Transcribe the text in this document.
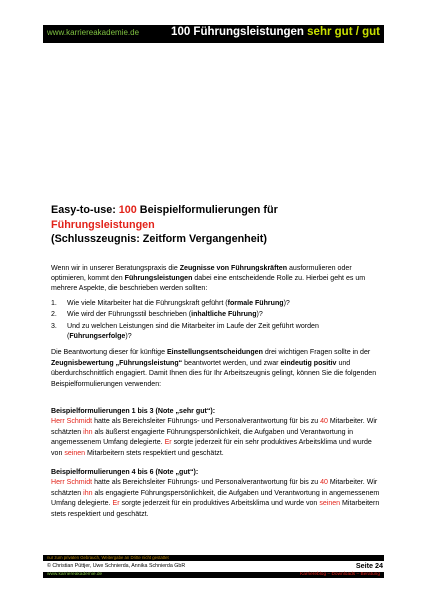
www.karriereakademie.de	100 Führungsleistungen sehr gut / gut

Easy-to-use: 100 Beispielformulierungen für Führungsleistungen
(Schlusszeugnis: Zeitform Vergangenheit)

Wenn wir in unserer Beratungspraxis die Zeugnisse von Führungskräften ausformulieren oder optimieren, kommt den Führungsleistungen dabei eine entscheidende Rolle zu. Hierbei geht es um mehrere Aspekte, die beschrieben werden sollten:

1. Wie viele Mitarbeiter hat die Führungskraft geführt (formale Führung)?
2. Wie wird der Führungsstil beschrieben (inhaltliche Führung)?
3. Und zu welchen Leistungen sind die Mitarbeiter im Laufe der Zeit geführt worden (Führungserfolge)?

Die Beantwortung dieser für künftige Einstellungsentscheidungen drei wichtigen Fragen sollte in der Zeugnisbewertung „Führungsleistung“ beantwortet werden, und zwar eindeutig positiv und überdurchschnittlich engagiert. Damit Ihnen dies für Ihr Arbeitszeugnis gelingt, können Sie die folgenden Beispielformulierungen verwenden:

Beispielformulierungen 1 bis 3 (Note „sehr gut“):

Herr Schmidt hatte als Bereichsleiter Führungs- und Personalverantwortung für bis zu 40 Mitarbeiter. Wir schätzten ihn als äußerst engagierte Führungspersönlichkeit, die Aufgaben und Verantwortung in angemessenem Umfang delegierte. Er sorgte jederzeit für ein sehr produktives Arbeitsklima und wurde von seinen Mitarbeitern stets respektiert und geschätzt.

Beispielformulierungen 4 bis 6 (Note „gut“):

Herr Schmidt hatte als Bereichsleiter Führungs- und Personalverantwortung für bis zu 40 Mitarbeiter. Wir schätzten ihn als engagierte Führungspersönlichkeit, die Aufgaben und Verantwortung in angemessenem Umfang delegierte. Er sorgte jederzeit für ein produktives Arbeitsklima und wurde von seinen Mitarbeitern stets respektiert und geschätzt.

nur zum privaten Gebrauch, Weitergabe an Dritte nicht gestattet
© Christian Püttjer, Uwe Schnierda, Annika Schnierda GbR	Seite 24
www.karriereakademie.de	Karriereblog – Downloads – Beratung
